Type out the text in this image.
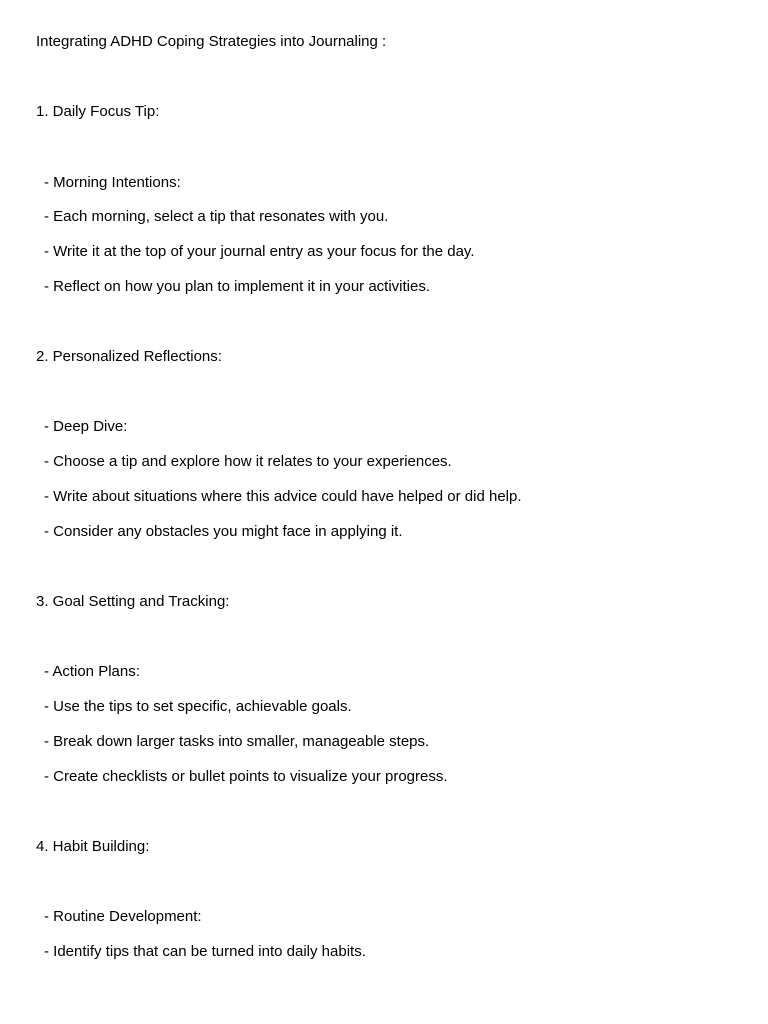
Integrating ADHD Coping Strategies into Journaling :
1. Daily Focus Tip:
- Morning Intentions:
- Each morning, select a tip that resonates with you.
- Write it at the top of your journal entry as your focus for the day.
- Reflect on how you plan to implement it in your activities.
2. Personalized Reflections:
- Deep Dive:
- Choose a tip and explore how it relates to your experiences.
- Write about situations where this advice could have helped or did help.
- Consider any obstacles you might face in applying it.
3. Goal Setting and Tracking:
- Action Plans:
- Use the tips to set specific, achievable goals.
- Break down larger tasks into smaller, manageable steps.
- Create checklists or bullet points to visualize your progress.
4. Habit Building:
- Routine Development:
- Identify tips that can be turned into daily habits.
